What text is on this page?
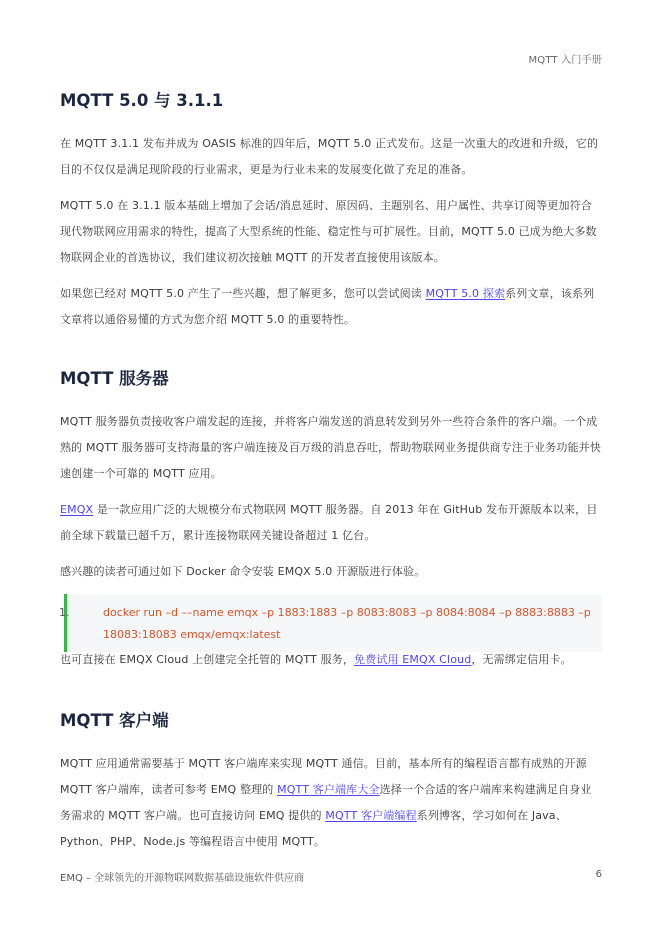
MQTT 入门手册
MQTT 5.0 与 3.1.1

在 MQTT 3.1.1 发布并成为 OASIS 标准的四年后，MQTT 5.0 正式发布。这是一次重大的改进和升级，它的目的不仅仅是满足现阶段的行业需求，更是为行业未来的发展变化做了充足的准备。

MQTT 5.0 在 3.1.1 版本基础上增加了会话/消息延时、原因码、主题别名、用户属性、共享订阅等更加符合现代物联网应用需求的特性，提高了大型系统的性能、稳定性与可扩展性。目前，MQTT 5.0 已成为绝大多数物联网企业的首选协议，我们建议初次接触 MQTT 的开发者直接使用该版本。

如果您已经对 MQTT 5.0 产生了一些兴趣，想了解更多，您可以尝试阅读 MQTT 5.0 探索系列文章，该系列文章将以通俗易懂的方式为您介绍 MQTT 5.0 的重要特性。

MQTT 服务器

MQTT 服务器负责接收客户端发起的连接，并将客户端发送的消息转发到另外一些符合条件的客户端。一个成熟的 MQTT 服务器可支持海量的客户端连接及百万级的消息吞吐，帮助物联网业务提供商专注于业务功能并快速创建一个可靠的 MQTT 应用。

EMQX 是一款应用广泛的大规模分布式物联网 MQTT 服务器。自 2013 年在 GitHub 发布开源版本以来，目前全球下载量已超千万，累计连接物联网关键设备超过 1 亿台。

感兴趣的读者可通过如下 Docker 命令安装 EMQX 5.0 开源版进行体验。

1.	docker run –d ––name emqx –p 1883:1883 –p 8083:8083 –p 8084:8084 –p 8883:8883 –p 18083:18083 emqx/emqx:latest

也可直接在 EMQX Cloud 上创建完全托管的 MQTT 服务，免费试用 EMQX Cloud，无需绑定信用卡。

MQTT 客户端

MQTT 应用通常需要基于 MQTT 客户端库来实现 MQTT 通信。目前，基本所有的编程语言都有成熟的开源 MQTT 客户端库，读者可参考 EMQ 整理的 MQTT 客户端库大全选择一个合适的客户端库来构建满足自身业务需求的 MQTT 客户端。也可直接访问 EMQ 提供的 MQTT 客户端编程系列博客，学习如何在 Java、Python、PHP、Node.js 等编程语言中使用 MQTT。

EMQ – 全球领先的开源物联网数据基础设施软件供应商	6
